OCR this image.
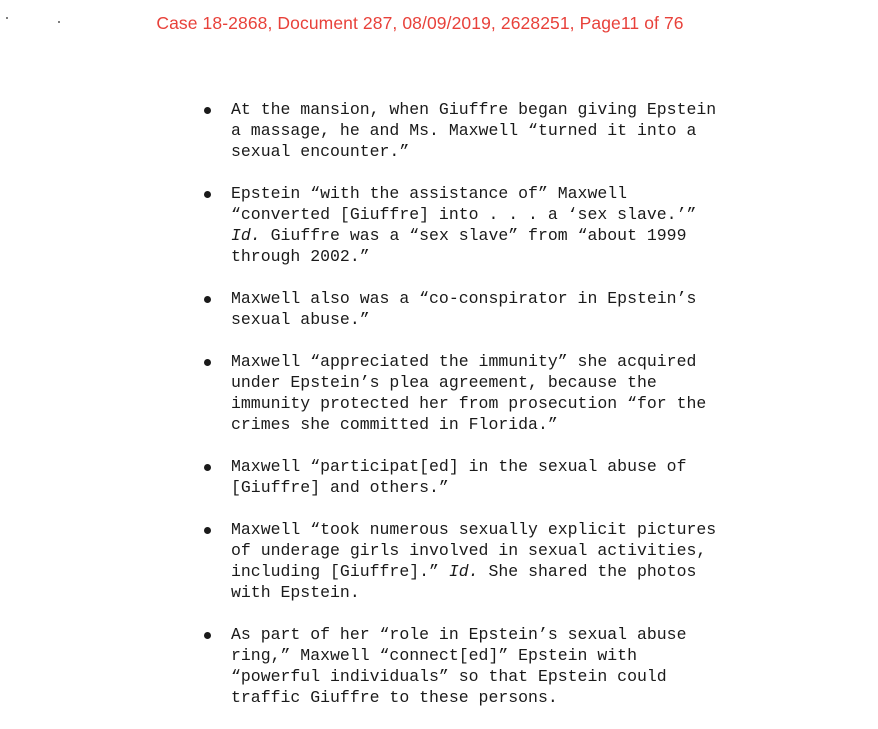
Case 18-2868, Document 287, 08/09/2019, 2628251, Page11 of 76
At the mansion, when Giuffre began giving Epstein
a massage, he and Ms. Maxwell “turned it into a
sexual encounter.”
Epstein “with the assistance of” Maxwell
“converted [Giuffre] into . . . a ‘sex slave.’”
Id. Giuffre was a “sex slave” from “about 1999
through 2002.”
Maxwell also was a “co-conspirator in Epstein’s
sexual abuse.”
Maxwell “appreciated the immunity” she acquired
under Epstein’s plea agreement, because the
immunity protected her from prosecution “for the
crimes she committed in Florida.”
Maxwell “participat[ed] in the sexual abuse of
[Giuffre] and others.”
Maxwell “took numerous sexually explicit pictures
of underage girls involved in sexual activities,
including [Giuffre].” Id. She shared the photos
with Epstein.
As part of her “role in Epstein’s sexual abuse
ring,” Maxwell “connect[ed]” Epstein with
“powerful individuals” so that Epstein could
traffic Giuffre to these persons.
